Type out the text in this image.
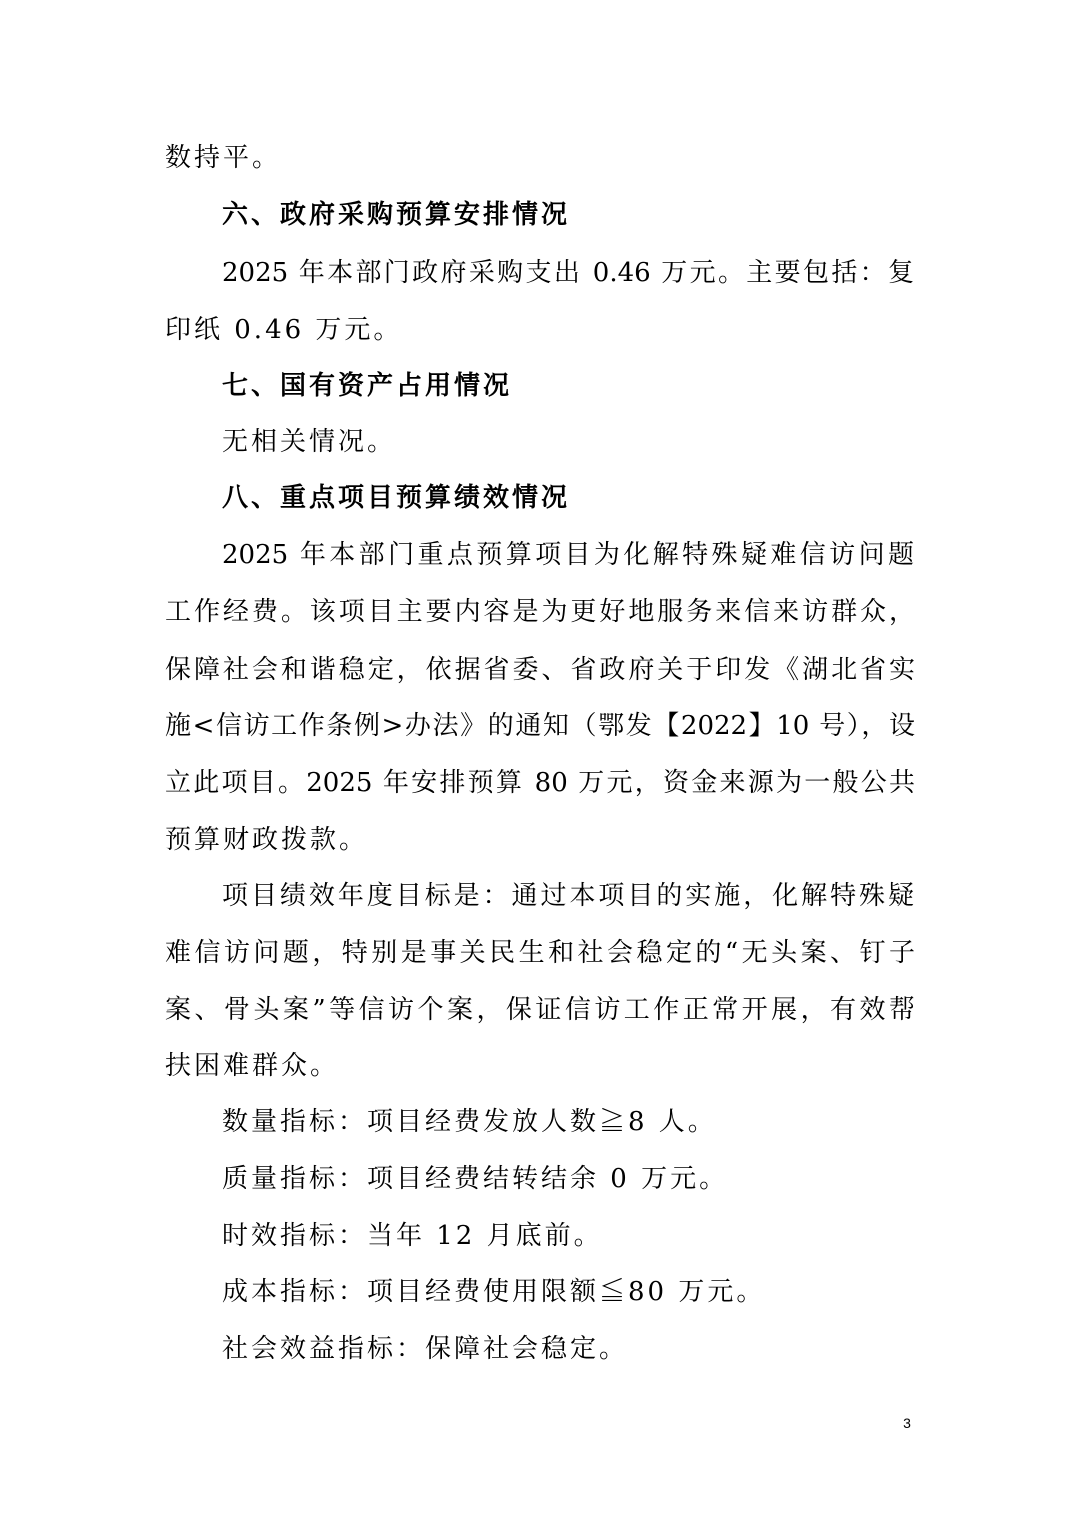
数持平。
六、政府采购预算安排情况
2025 年本部门政府采购支出 0.46 万元。主要包括：复
印纸 0.46 万元。
七、国有资产占用情况
无相关情况。
八、重点项目预算绩效情况
2025 年本部门重点预算项目为化解特殊疑难信访问题
工作经费。该项目主要内容是为更好地服务来信来访群众，
保障社会和谐稳定，依据省委、省政府关于印发《湖北省实
施<信访工作条例>办法》的通知（鄂发【2022】10 号），设
立此项目。2025 年安排预算 80 万元，资金来源为一般公共
预算财政拨款。
项目绩效年度目标是：通过本项目的实施，化解特殊疑
难信访问题，特别是事关民生和社会稳定的“无头案、钉子
案、骨头案”等信访个案，保证信访工作正常开展，有效帮
扶困难群众。
数量指标：项目经费发放人数≧8 人。
质量指标：项目经费结转结余 0 万元。
时效指标：当年 12 月底前。
成本指标：项目经费使用限额≦80 万元。
社会效益指标：保障社会稳定。
3
